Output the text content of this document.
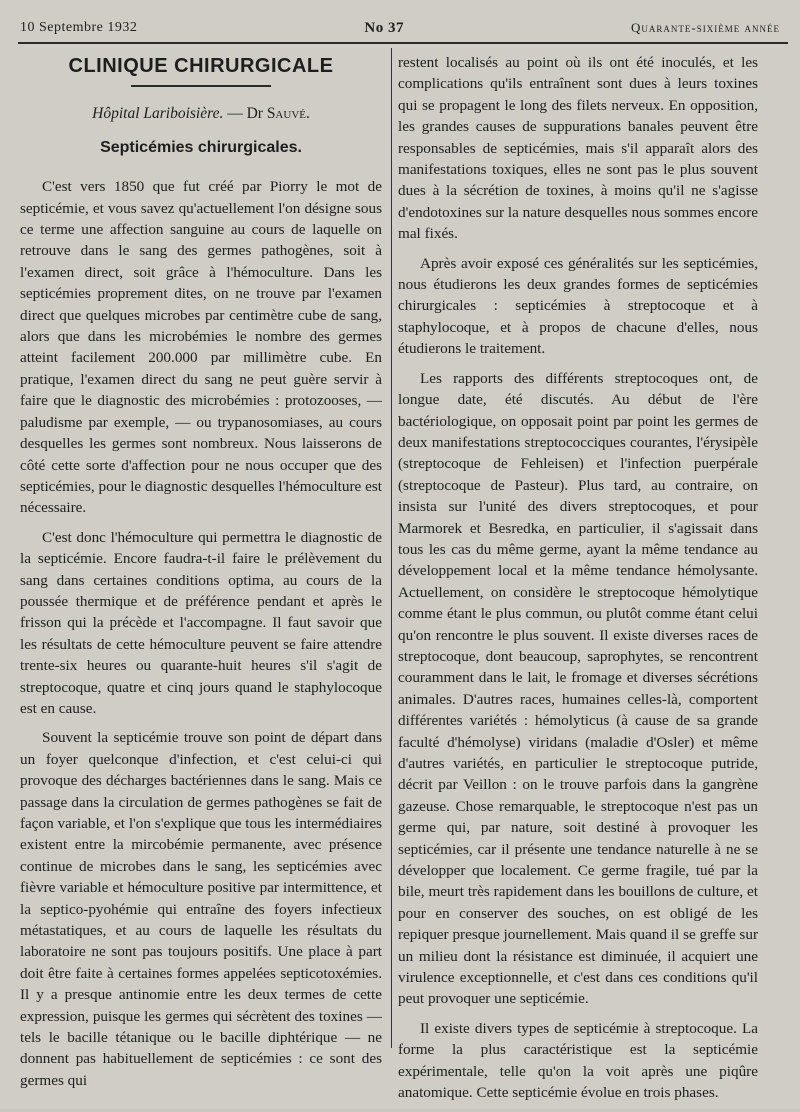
10 Septembre 1932	No 37	Quarante-sixième année
CLINIQUE CHIRURGICALE
Hôpital Lariboisière. — Dr Sauvé.
Septicémies chirurgicales.

C'est vers 1850 que fut créé par Piorry le mot de septicémie, et vous savez qu'actuellement l'on désigne sous ce terme une affection sanguine au cours de laquelle on retrouve dans le sang des germes pathogènes, soit à l'examen direct, soit grâce à l'hémoculture. Dans les septicémies proprement dites, on ne trouve par l'examen direct que quelques microbes par centimètre cube de sang, alors que dans les microbémies le nombre des germes atteint facilement 200.000 par millimètre cube. En pratique, l'examen direct du sang ne peut guère servir à faire que le diagnostic des microbémies : protozooses, — paludisme par exemple, — ou trypanosomiases, au cours desquelles les germes sont nombreux. Nous laisserons de côté cette sorte d'affection pour ne nous occuper que des septicémies, pour le diagnostic desquelles l'hémoculture est nécessaire.

C'est donc l'hémoculture qui permettra le diagnostic de la septicémie. Encore faudra-t-il faire le prélèvement du sang dans certaines conditions optima, au cours de la poussée thermique et de préférence pendant et après le frisson qui la précède et l'accompagne. Il faut savoir que les résultats de cette hémoculture peuvent se faire attendre trente-six heures ou quarante-huit heures s'il s'agit de streptocoque, quatre et cinq jours quand le staphylocoque est en cause.

Souvent la septicémie trouve son point de départ dans un foyer quelconque d'infection, et c'est celui-ci qui provoque des décharges bactériennes dans le sang. Mais ce passage dans la circulation de germes pathogènes se fait de façon variable, et l'on s'explique que tous les intermédiaires existent entre la mircobémie permanente, avec présence continue de microbes dans le sang, les septicémies avec fièvre variable et hémoculture positive par intermittence, et la septico-pyohémie qui entraîne des foyers infectieux métastatiques, et au cours de laquelle les résultats du laboratoire ne sont pas toujours positifs. Une place à part doit être faite à certaines formes appelées septicotoxémies. Il y a presque antinomie entre les deux termes de cette expression, puisque les germes qui sécrètent des toxines — tels le bacille tétanique ou le bacille diphtérique — ne donnent pas habituellement de septicémies : ce sont des germes qui

restent localisés au point où ils ont été inoculés, et les complications qu'ils entraînent sont dues à leurs toxines qui se propagent le long des filets nerveux. En opposition, les grandes causes de suppurations banales peuvent être responsables de septicémies, mais s'il apparaît alors des manifestations toxiques, elles ne sont pas le plus souvent dues à la sécrétion de toxines, à moins qu'il ne s'agisse d'endotoxines sur la nature desquelles nous sommes encore mal fixés.

Après avoir exposé ces généralités sur les septicémies, nous étudierons les deux grandes formes de septicémies chirurgicales : septicémies à streptocoque et à staphylocoque, et à propos de chacune d'elles, nous étudierons le traitement.

Les rapports des différents streptocoques ont, de longue date, été discutés. Au début de l'ère bactériologique, on opposait point par point les germes de deux manifestations streptococciques courantes, l'érysipèle (streptocoque de Fehleisen) et l'infection puerpérale (streptocoque de Pasteur). Plus tard, au contraire, on insista sur l'unité des divers streptocoques, et pour Marmorek et Besredka, en particulier, il s'agissait dans tous les cas du même germe, ayant la même tendance au développement local et la même tendance hémolysante. Actuellement, on considère le streptocoque hémolytique comme étant le plus commun, ou plutôt comme étant celui qu'on rencontre le plus souvent. Il existe diverses races de streptocoque, dont beaucoup, saprophytes, se rencontrent couramment dans le lait, le fromage et diverses sécrétions animales. D'autres races, humaines celles-là, comportent différentes variétés : hémolyticus (à cause de sa grande faculté d'hémolyse) viridans (maladie d'Osler) et même d'autres variétés, en particulier le streptocoque putride, décrit par Veillon : on le trouve parfois dans la gangrène gazeuse. Chose remarquable, le streptocoque n'est pas un germe qui, par nature, soit destiné à provoquer les septicémies, car il présente une tendance naturelle à ne se développer que localement. Ce germe fragile, tué par la bile, meurt très rapidement dans les bouillons de culture, et pour en conserver des souches, on est obligé de les repiquer presque journellement. Mais quand il se greffe sur un milieu dont la résistance est diminuée, il acquiert une virulence exceptionnelle, et c'est dans ces conditions qu'il peut provoquer une septicémie.

Il existe divers types de septicémie à streptocoque. La forme la plus caractéristique est la septicémie expérimentale, telle qu'on la voit après une piqûre anatomique. Cette septicémie évolue en trois phases.
